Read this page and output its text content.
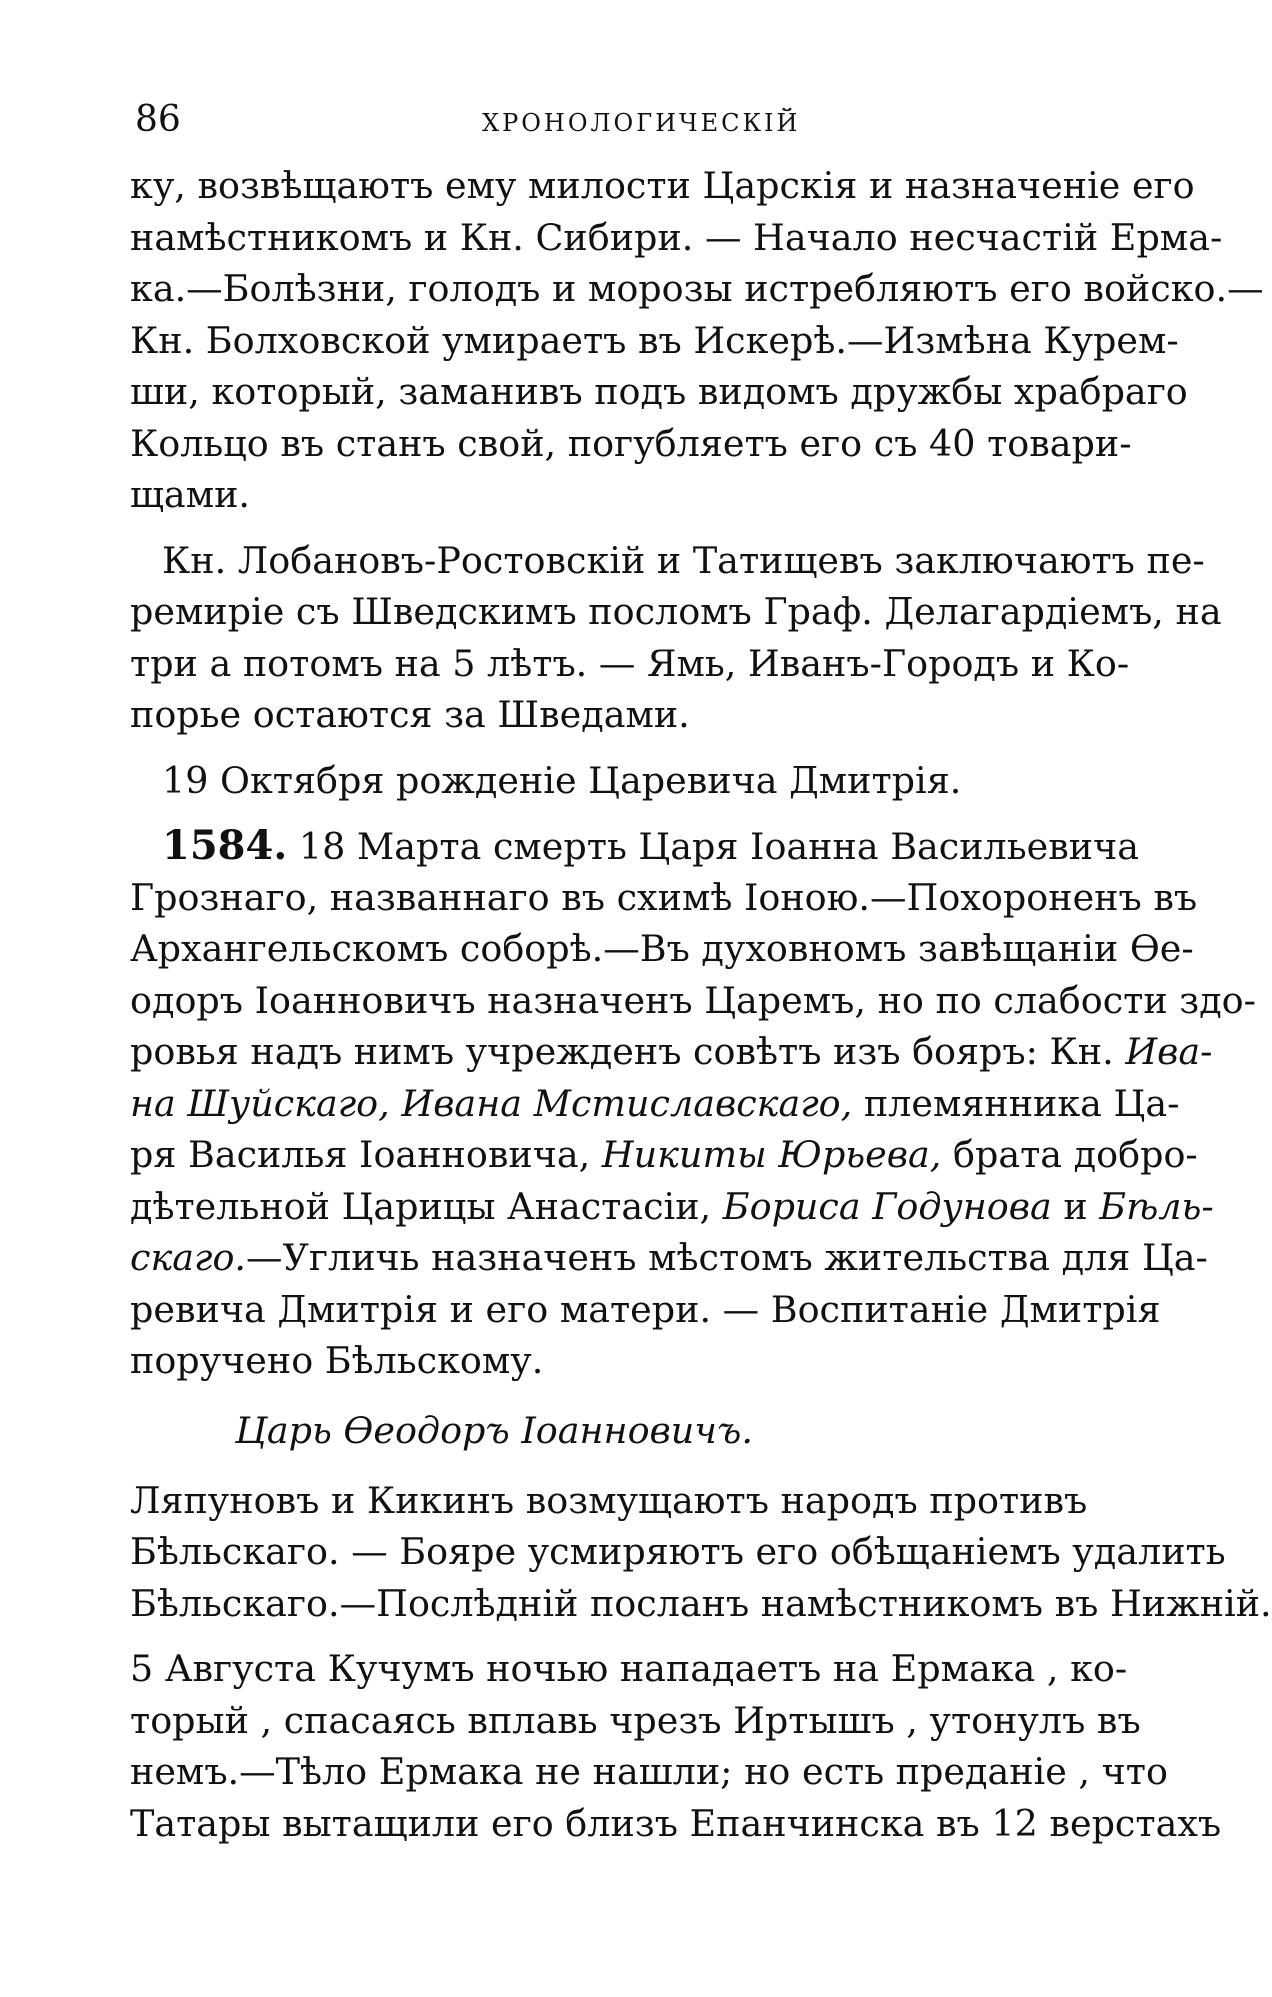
86	ХРОНОЛОГИЧЕСКІЙ
ку, возвѣщаютъ ему милости Царскія и назначеніе его
намѣстникомъ и Кн. Сибири. — Начало несчастій Ерма-
ка.—Болѣзни, голодъ и морозы истребляютъ его войско.—
Кн. Болховской умираетъ въ Искерѣ.—Измѣна Курем-
ши, который, заманивъ подъ видомъ дружбы храбраго
Кольцо въ станъ свой, погубляетъ его съ 40 товари-
щами.
Кн. Лобановъ-Ростовскій и Татищевъ заключаютъ пе-
ремиріе съ Шведскимъ посломъ Граф. Делагардіемъ, на
три а потомъ на 5 лѣтъ. — Ямь, Иванъ-Городъ и Ко-
порье остаются за Шведами.
19 Октября рожденіе Царевича Дмитрія.
1584. 18 Марта смерть Царя Іоанна Васильевича
Грознаго, названнаго въ схимѣ Іоною.—Похороненъ въ
Архангельскомъ соборѣ.—Въ духовномъ завѣщаніи Ѳе-
одоръ Іоанновичъ назначенъ Царемъ, но по слабости здо-
ровья надъ нимъ учрежденъ совѣтъ изъ бояръ: Кн. Ива-
на Шуйскаго, Ивана Мстиславскаго, племянника Ца-
ря Василья Іоанновича, Никиты Юрьева, брата добро-
дѣтельной Царицы Анастасіи, Бориса Годунова и Бѣль-
скаго.—Угличь назначенъ мѣстомъ жительства для Ца-
ревича Дмитрія и его матери. — Воспитаніе Дмитрія
поручено Бѣльскому.
Царь Ѳеодоръ Іоанновичъ.
Ляпуновъ и Кикинъ возмущаютъ народъ противъ
Бѣльскаго. — Бояре усмиряютъ его обѣщаніемъ удалить
Бѣльскаго.—Послѣдній посланъ намѣстникомъ въ Нижній.
5 Августа Кучумъ ночью нападаетъ на Ермака , ко-
торый , спасаясь вплавь чрезъ Иртышъ , утонулъ въ
немъ.—Тѣло Ермака не нашли; но есть преданіе , что
Татары вытащили его близъ Епанчинска въ 12 верстахъ
